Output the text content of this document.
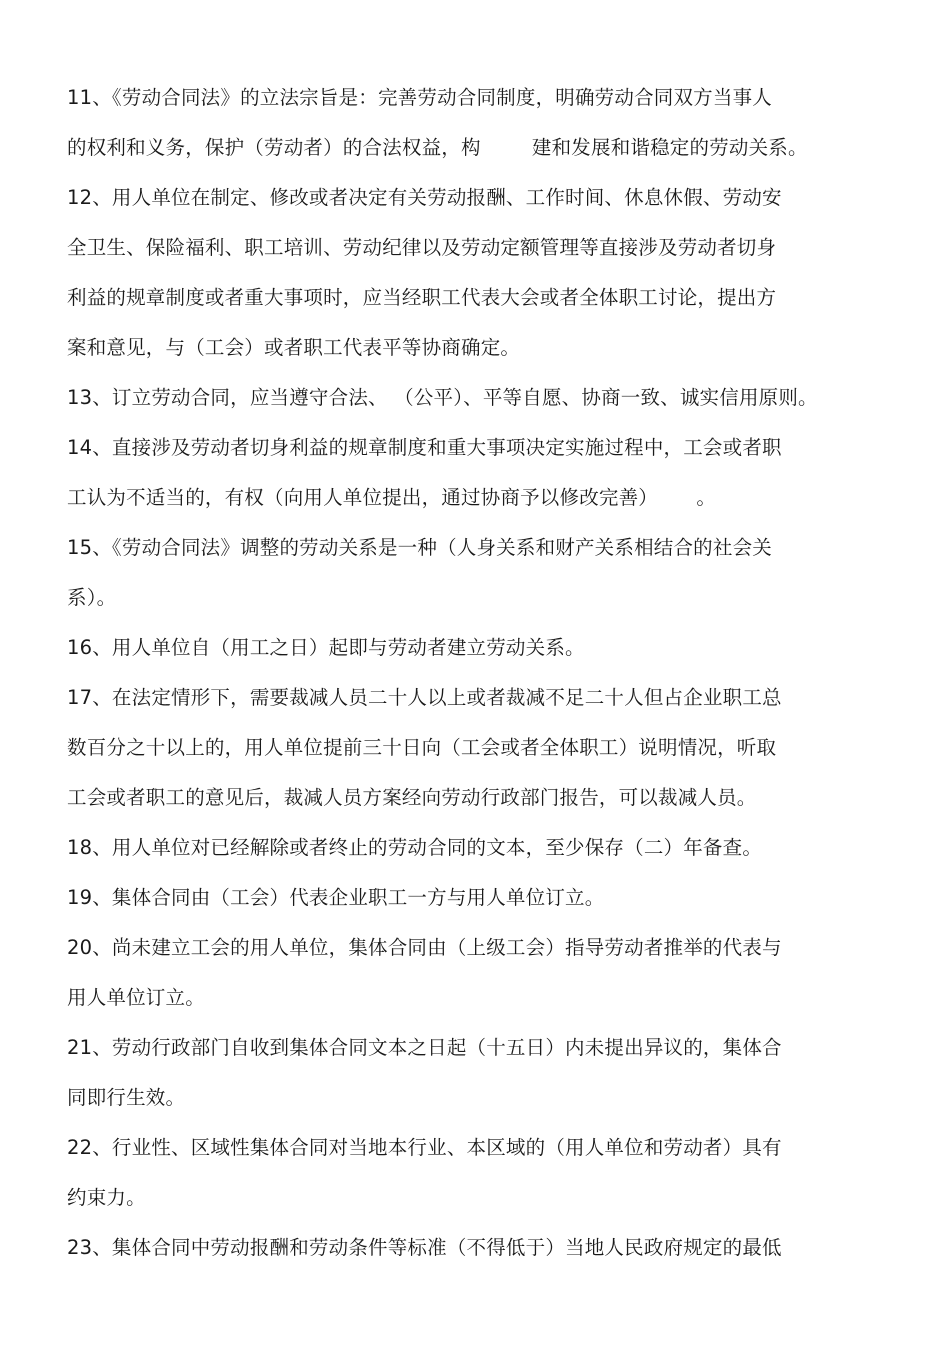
11、《劳动合同法》的立法宗旨是：完善劳动合同制度，明确劳动合同双方当事人
的权利和义务，保护（劳动者）的合法权益，构        建和发展和谐稳定的劳动关系。
12、用人单位在制定、修改或者决定有关劳动报酬、工作时间、休息休假、劳动安
全卫生、保险福利、职工培训、劳动纪律以及劳动定额管理等直接涉及劳动者切身
利益的规章制度或者重大事项时，应当经职工代表大会或者全体职工讨论，提出方
案和意见，与（工会）或者职工代表平等协商确定。
13、订立劳动合同，应当遵守合法、 （公平）、平等自愿、协商一致、诚实信用原则。
14、直接涉及劳动者切身利益的规章制度和重大事项决定实施过程中，工会或者职
工认为不适当的，有权（向用人单位提出，通过协商予以修改完善）      。
15、《劳动合同法》调整的劳动关系是一种（人身关系和财产关系相结合的社会关
系）。
16、用人单位自（用工之日）起即与劳动者建立劳动关系。
17、在法定情形下，需要裁减人员二十人以上或者裁减不足二十人但占企业职工总
数百分之十以上的，用人单位提前三十日向（工会或者全体职工）说明情况，听取
工会或者职工的意见后，裁减人员方案经向劳动行政部门报告，可以裁减人员。
18、用人单位对已经解除或者终止的劳动合同的文本，至少保存（二）年备查。
19、集体合同由（工会）代表企业职工一方与用人单位订立。
20、尚未建立工会的用人单位，集体合同由（上级工会）指导劳动者推举的代表与
用人单位订立。
21、劳动行政部门自收到集体合同文本之日起（十五日）内未提出异议的，集体合
同即行生效。
22、行业性、区域性集体合同对当地本行业、本区域的（用人单位和劳动者）具有
约束力。
23、集体合同中劳动报酬和劳动条件等标准（不得低于）当地人民政府规定的最低
